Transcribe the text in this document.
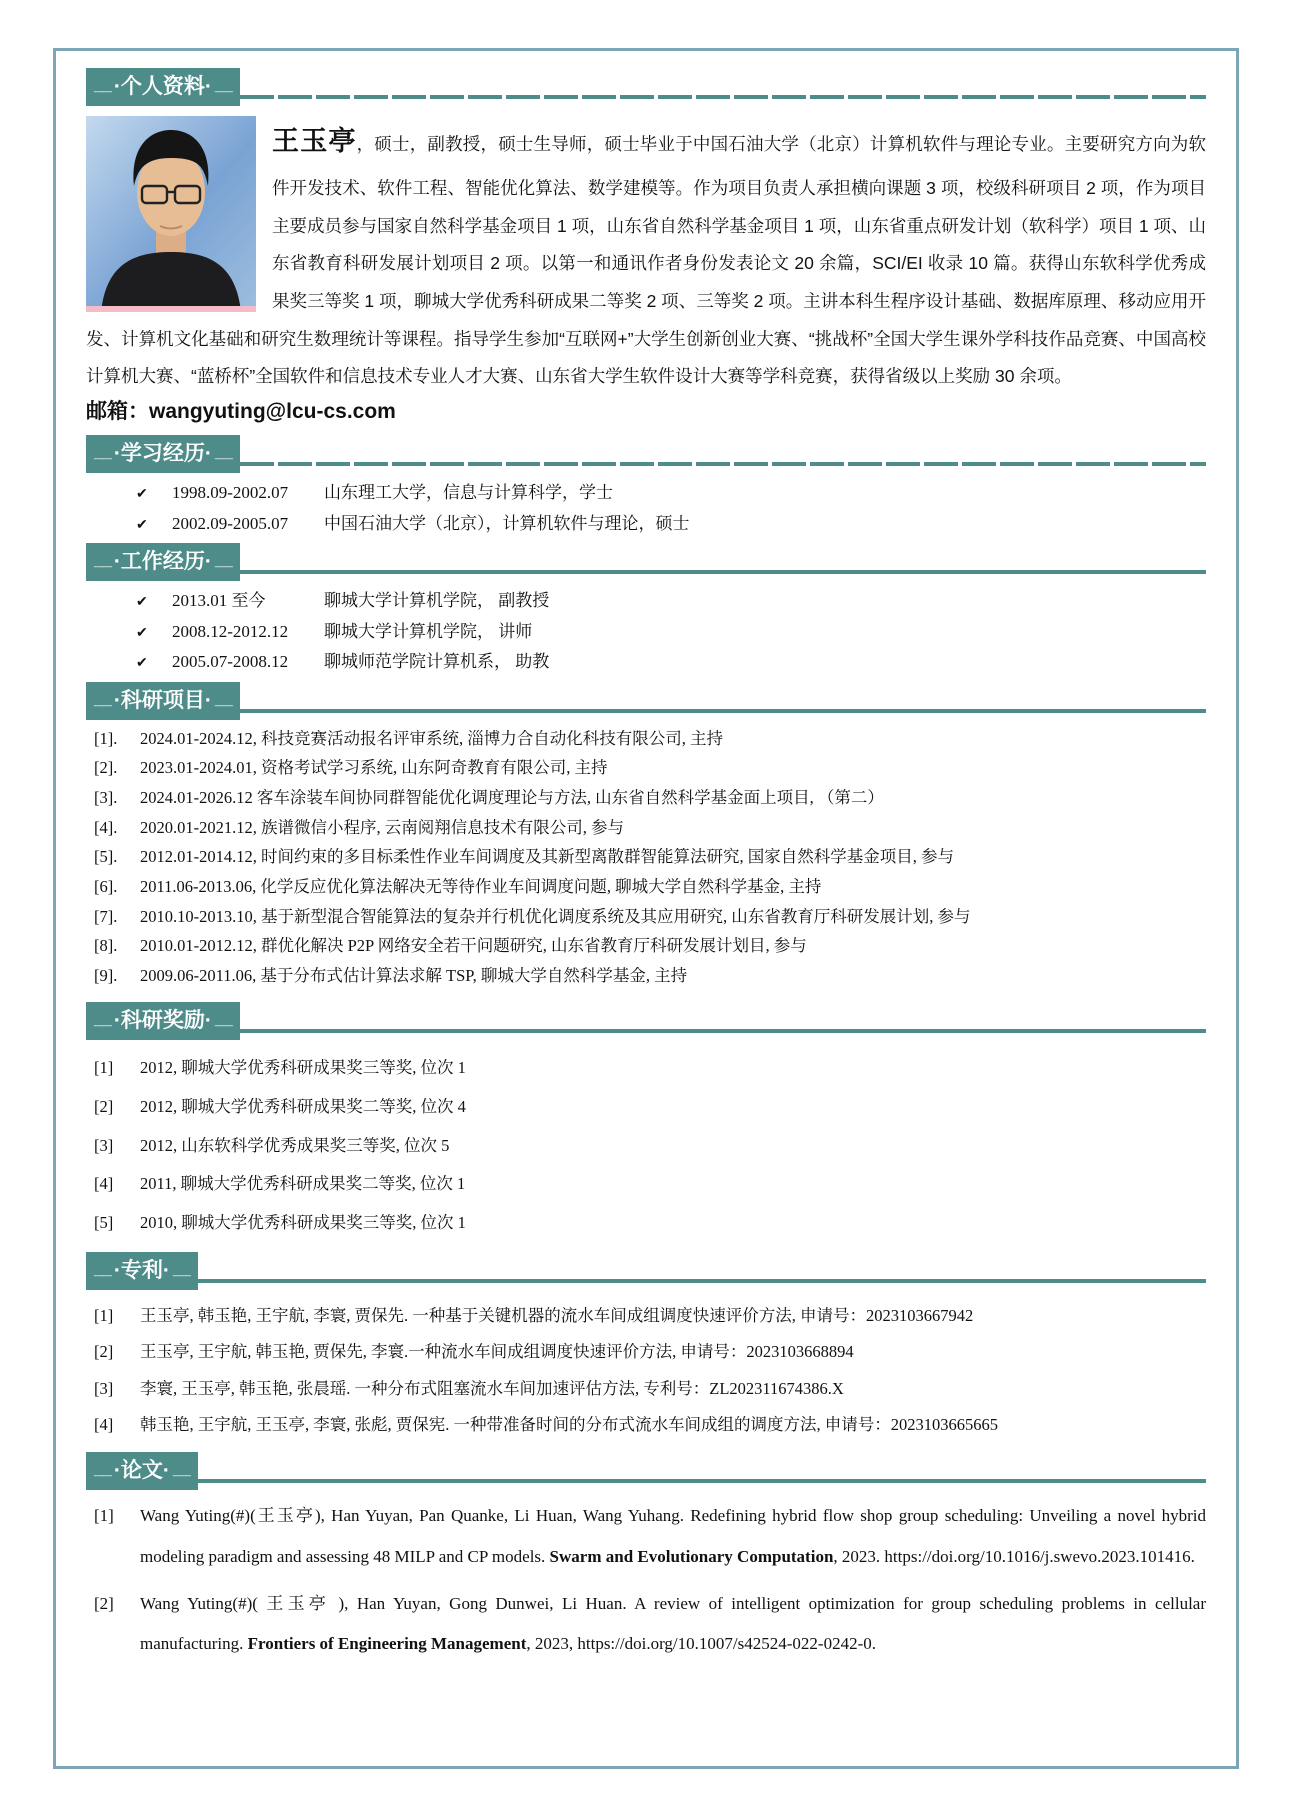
__ ·个人资料· __
王玉亭，硕士，副教授，硕士生导师，硕士毕业于中国石油大学（北京）计算机软件与理论专业。主要研究方向为软件开发技术、软件工程、智能优化算法、数学建模等。作为项目负责人承担横向课题 3 项，校级科研项目 2 项，作为项目主要成员参与国家自然科学基金项目 1 项，山东省自然科学基金项目 1 项，山东省重点研发计划（软科学）项目 1 项、山东省教育科研发展计划项目 2 项。以第一和通讯作者身份发表论文 20 余篇，SCI/EI 收录 10 篇。获得山东软科学优秀成果奖三等奖 1 项，聊城大学优秀科研成果二等奖 2 项、三等奖 2 项。主讲本科生程序设计基础、数据库原理、移动应用开发、计算机文化基础和研究生数理统计等课程。指导学生参加“互联网+”大学生创新创业大赛、“挑战杯”全国大学生课外学科技作品竞赛、中国高校计算机大赛、“蓝桥杯”全国软件和信息技术专业人才大赛、山东省大学生软件设计大赛等学科竞赛，获得省级以上奖励 30 余项。
邮箱：wangyuting@lcu-cs.com
__ ·学习经历· __
✔	1998.09-2002.07	山东理工大学，信息与计算科学，学士
✔	2002.09-2005.07	中国石油大学（北京），计算机软件与理论，硕士
__ ·工作经历· __
✔	2013.01 至今	聊城大学计算机学院， 副教授
✔	2008.12-2012.12	聊城大学计算机学院， 讲师
✔	2005.07-2008.12	聊城师范学院计算机系， 助教
__ ·科研项目· __
[1].	2024.01-2024.12, 科技竞赛活动报名评审系统, 淄博力合自动化科技有限公司, 主持
[2].	2023.01-2024.01, 资格考试学习系统, 山东阿奇教育有限公司, 主持
[3].	2024.01-2026.12 客车涂装车间协同群智能优化调度理论与方法, 山东省自然科学基金面上项目, （第二）
[4].	2020.01-2021.12, 族谱微信小程序, 云南阅翔信息技术有限公司, 参与
[5].	2012.01-2014.12, 时间约束的多目标柔性作业车间调度及其新型离散群智能算法研究, 国家自然科学基金项目, 参与
[6].	2011.06-2013.06, 化学反应优化算法解决无等待作业车间调度问题, 聊城大学自然科学基金, 主持
[7].	2010.10-2013.10, 基于新型混合智能算法的复杂并行机优化调度系统及其应用研究, 山东省教育厅科研发展计划, 参与
[8].	2010.01-2012.12, 群优化解决 P2P 网络安全若干问题研究, 山东省教育厅科研发展计划目, 参与
[9].	2009.06-2011.06, 基于分布式估计算法求解 TSP, 聊城大学自然科学基金, 主持
__ ·科研奖励· __
[1]	2012, 聊城大学优秀科研成果奖三等奖, 位次 1
[2]	2012, 聊城大学优秀科研成果奖二等奖, 位次 4
[3]	2012, 山东软科学优秀成果奖三等奖, 位次 5
[4]	2011, 聊城大学优秀科研成果奖二等奖, 位次 1
[5]	2010, 聊城大学优秀科研成果奖三等奖, 位次 1
__ ·专利· __
[1]	王玉亭, 韩玉艳, 王宇航, 李寰, 贾保先. 一种基于关键机器的流水车间成组调度快速评价方法, 申请号：2023103667942
[2]	王玉亭, 王宇航, 韩玉艳, 贾保先, 李寰.一种流水车间成组调度快速评价方法, 申请号：2023103668894
[3]	李寰, 王玉亭, 韩玉艳, 张晨瑶. 一种分布式阻塞流水车间加速评估方法, 专利号：ZL202311674386.X
[4]	韩玉艳, 王宇航, 王玉亭, 李寰, 张彪, 贾保宪. 一种带准备时间的分布式流水车间成组的调度方法, 申请号：2023103665665
__ ·论文· __
[1]	Wang Yuting(#)(王玉亭), Han Yuyan, Pan Quanke, Li Huan, Wang Yuhang. Redefining hybrid flow shop group scheduling: Unveiling a novel hybrid modeling paradigm and assessing 48 MILP and CP models. Swarm and Evolutionary Computation, 2023. https://doi.org/10.1016/j.swevo.2023.101416.
[2]	Wang Yuting(#)( 王玉亭 ), Han Yuyan, Gong Dunwei, Li Huan. A review of intelligent optimization for group scheduling problems in cellular manufacturing. Frontiers of Engineering Management, 2023, https://doi.org/10.1007/s42524-022-0242-0.
